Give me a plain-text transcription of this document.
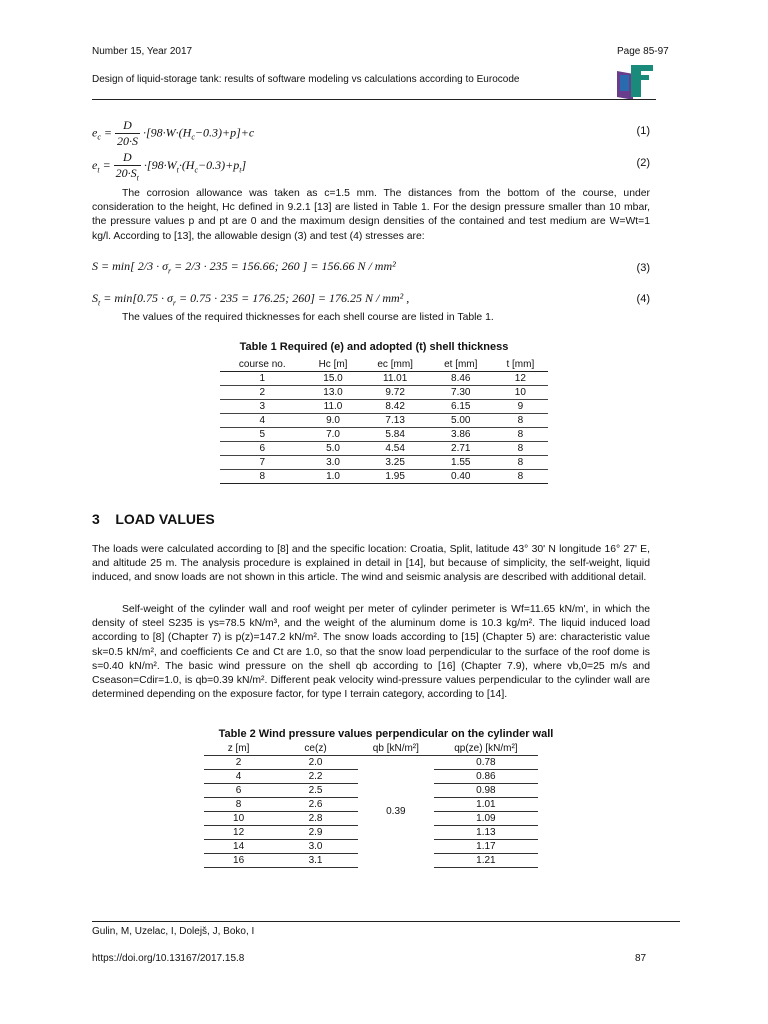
Number 15, Year 2017	Page 85-97
Design of liquid-storage tank: results of software modeling vs calculations according to Eurocode
$e_c = \frac{D}{20\cdot S} \cdot[98\cdot W\cdot(H_c-0.3)+p]+c$	(1)
$e_t = \frac{D}{20\cdot S_t} \cdot[98\cdot W_t\cdot(H_c-0.3)+p_t]$	(2)
The corrosion allowance was taken as c=1.5 mm. The distances from the bottom of the course, under consideration to the height, Hc defined in 9.2.1 [13] are listed in Table 1. For the design pressure smaller than 10 mbar, the pressure values p and pt are 0 and the maximum design densities of the contained and test medium are W=Wt=1 kg/l. According to [13], the allowable design (3) and test (4) stresses are:
S = min[ $2/3 \cdot \sigma_r = 2/3 \cdot 235 = 156.66$; 260 ] = 156.66 N / mm²	(3)
$S_t = \min[0.75 \cdot \sigma_r = 0.75 \cdot 235 = 176.25$; 260] = 176.25 N / mm² ,	(4)
The values of the required thicknesses for each shell course are listed in Table 1.
Table 1 Required (e) and adopted (t) shell thickness
course no.	Hc [m]	ec [mm]	et [mm]	t [mm]
1	15.0	11.01	8.46	12
2	13.0	9.72	7.30	10
3	11.0	8.42	6.15	9
4	9.0	7.13	5.00	8
5	7.0	5.84	3.86	8
6	5.0	4.54	2.71	8
7	3.0	3.25	1.55	8
8	1.0	1.95	0.40	8
3 LOAD VALUES
The loads were calculated according to [8] and the specific location: Croatia, Split, latitude 43° 30' N longitude 16° 27' E, and altitude 25 m. The analysis procedure is explained in detail in [14], but because of simplicity, the self-weight, liquid induced, and snow loads are not shown in this article. The wind and seismic analysis are described with additional detail.
Self-weight of the cylinder wall and roof weight per meter of cylinder perimeter is Wf=11.65 kN/m', in which the density of steel S235 is γs=78.5 kN/m³, and the weight of the aluminum dome is 10.3 kg/m². The liquid induced load according to [8] (Chapter 7) is p(z)=147.2 kN/m². The snow loads according to [15] (Chapter 5) are: characteristic value sk=0.5 kN/m², and coefficients Ce and Ct are 1.0, so that the snow load perpendicular to the surface of the roof dome is s=0.40 kN/m². The basic wind pressure on the shell qb according to [16] (Chapter 7.9), where vb,0=25 m/s and Cseason=Cdir=1.0, is qb=0.39 kN/m². Different peak velocity wind-pressure values perpendicular to the cylinder wall are determined depending on the exposure factor, for type I terrain category, according to [14].
Table 2 Wind pressure values perpendicular on the cylinder wall
z [m]	ce(z)	qb [kN/m²]	qp(ze) [kN/m²]
2	2.0	0.39	0.78
4	2.2		0.86
6	2.5		0.98
8	2.6		1.01
10	2.8		1.09
12	2.9		1.13
14	3.0		1.17
16	3.1		1.21
Gulin, M, Uzelac, I, Dolejš, J, Boko, I
https://doi.org/10.13167/2017.15.8	87
